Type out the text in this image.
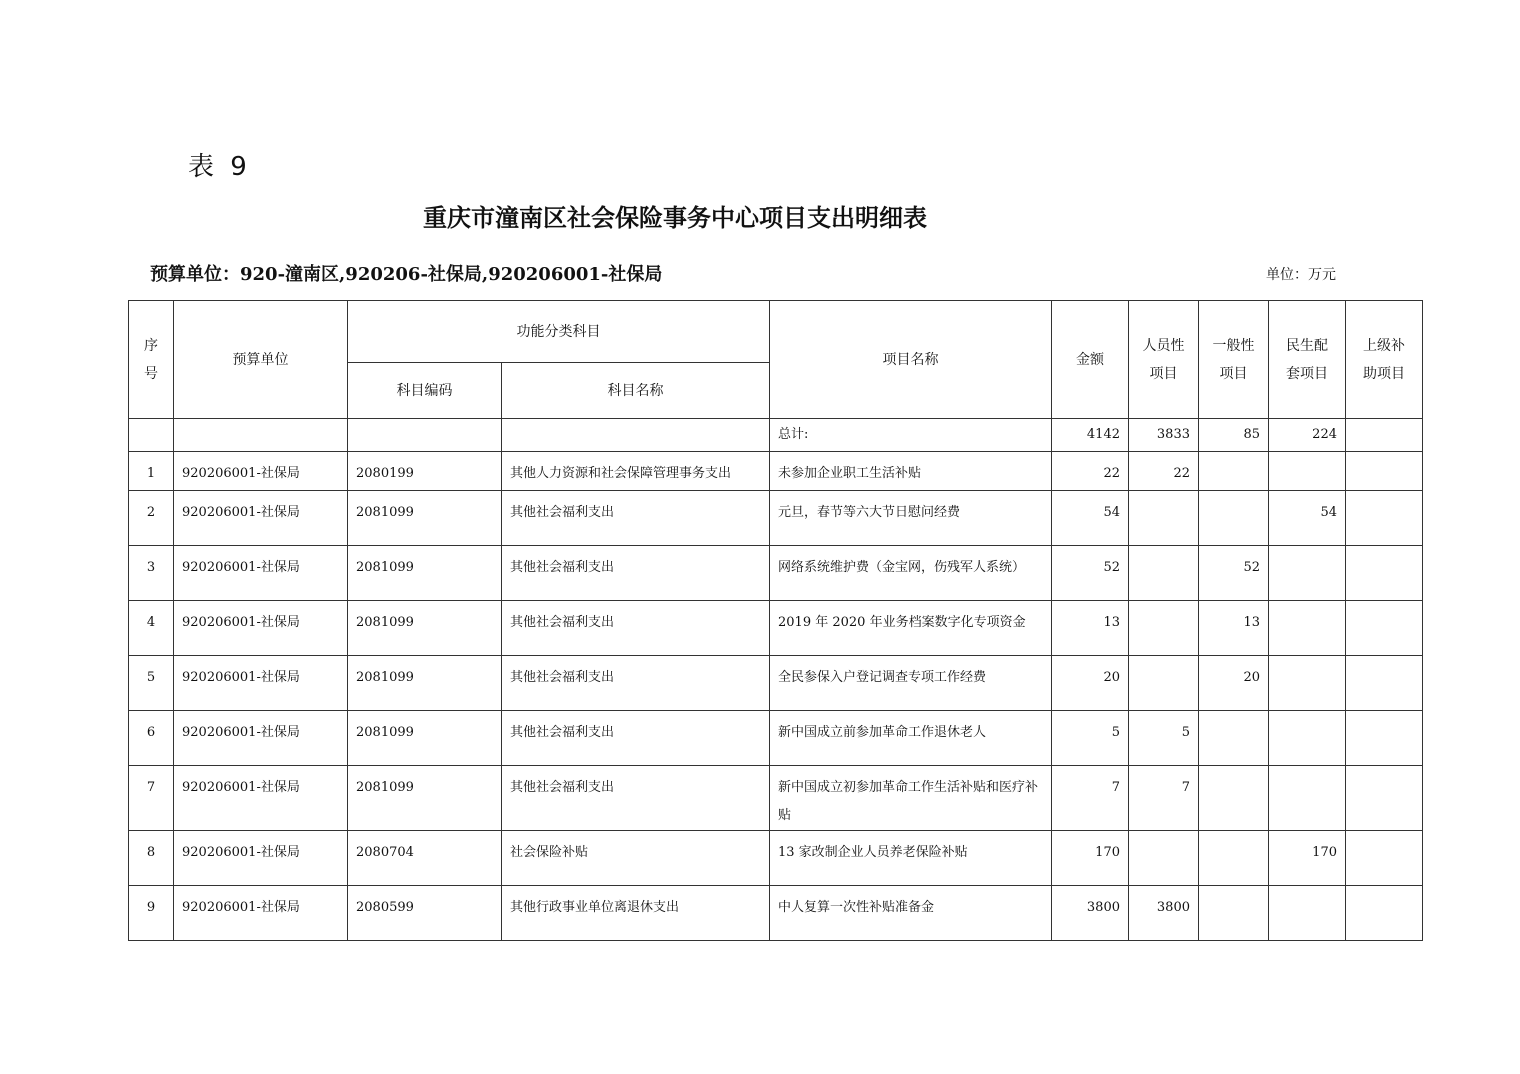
表 9
重庆市潼南区社会保险事务中心项目支出明细表
预算单位：920-潼南区,920206-社保局,920206001-社保局	单位：万元
序号	预算单位	功能分类科目		项目名称	金额	人员性项目	一般性项目	民生配套项目	上级补助项目
		科目编码	科目名称						
				总计:	4142	3833	85	224	
1	920206001-社保局	2080199	其他人力资源和社会保障管理事务支出	未参加企业职工生活补贴	22	22			
2	920206001-社保局	2081099	其他社会福利支出	元旦，春节等六大节日慰问经费	54			54	
3	920206001-社保局	2081099	其他社会福利支出	网络系统维护费（金宝网，伤残军人系统）	52		52		
4	920206001-社保局	2081099	其他社会福利支出	2019 年 2020 年业务档案数字化专项资金	13		13		
5	920206001-社保局	2081099	其他社会福利支出	全民参保入户登记调查专项工作经费	20		20		
6	920206001-社保局	2081099	其他社会福利支出	新中国成立前参加革命工作退休老人	5	5			
7	920206001-社保局	2081099	其他社会福利支出	新中国成立初参加革命工作生活补贴和医疗补贴	7	7			
8	920206001-社保局	2080704	社会保险补贴	13 家改制企业人员养老保险补贴	170			170	
9	920206001-社保局	2080599	其他行政事业单位离退休支出	中人复算一次性补贴准备金	3800	3800			
